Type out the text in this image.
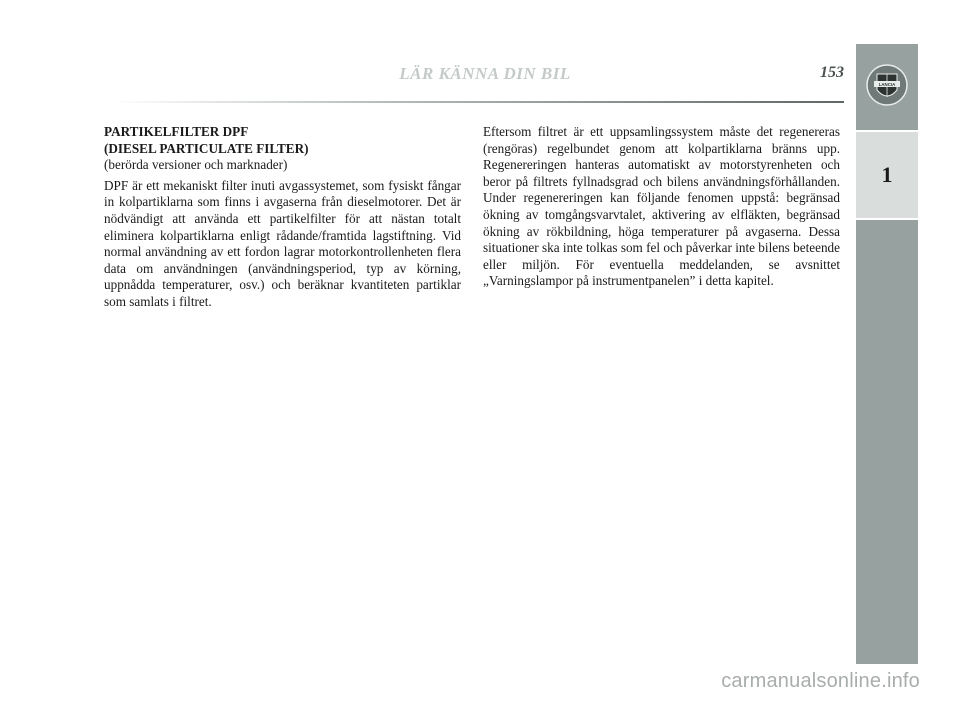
LÄR KÄNNA DIN BIL	153
LANCIA
1

PARTIKELFILTER DPF

(DIESEL PARTICULATE FILTER)

(berörda versioner och marknader)

DPF är ett mekaniskt filter inuti avgassystemet, som fysiskt fångar in kolpartiklarna som finns i avgaserna från dieselmotorer. Det är nödvändigt att använda ett partikelfilter för att nästan totalt eliminera kolpartiklarna enligt rådande/framtida lagstiftning. Vid normal användning av ett fordon lagrar motorkontrollenheten flera data om användningen (användningsperiod, typ av körning, uppnådda temperaturer, osv.) och beräknar kvantiteten partiklar som samlats i filtret.

Eftersom filtret är ett uppsamlingssystem måste det regenereras (rengöras) regelbundet genom att kolpartiklarna bränns upp. Regenereringen hanteras automatiskt av motorstyrenheten och beror på filtrets fyllnadsgrad och bilens användningsförhållanden. Under regenereringen kan följande fenomen uppstå: begränsad ökning av tomgångsvarvtalet, aktivering av elfläkten, begränsad ökning av rökbildning, höga temperaturer på avgaserna. Dessa situationer ska inte tolkas som fel och påverkar inte bilens beteende eller miljön. För eventuella meddelanden, se avsnittet „Varningslampor på instrumentpanelen” i detta kapitel.

carmanualsonline.info
